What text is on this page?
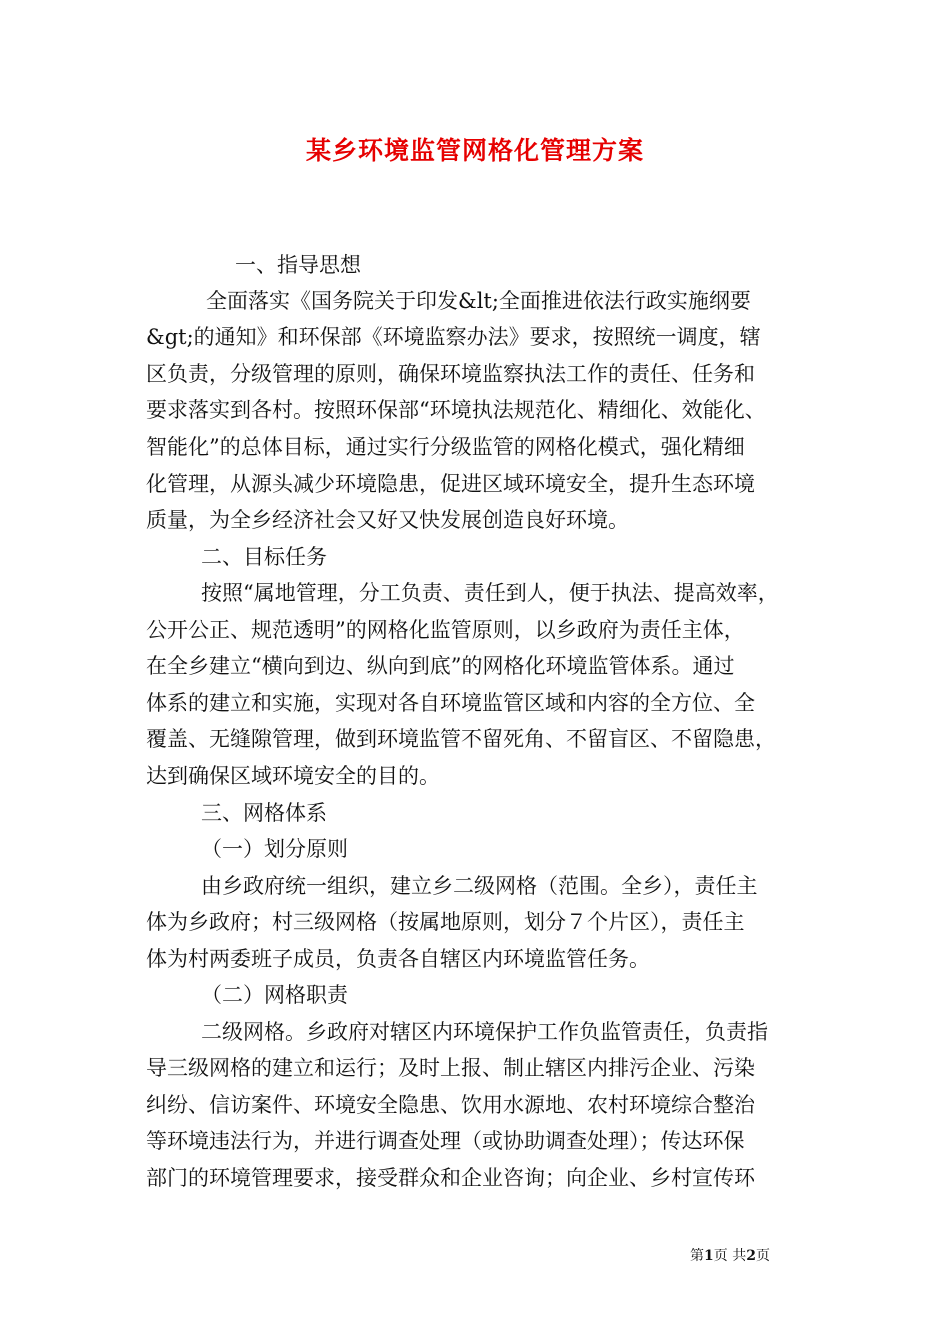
某乡环境监管网格化管理方案
一、指导思想
全面落实《国务院关于印发&lt;全面推进依法行政实施纲要
&gt;的通知》和环保部《环境监察办法》要求，按照统一调度，辖
区负责，分级管理的原则，确保环境监察执法工作的责任、任务和
要求落实到各村。按照环保部“环境执法规范化、精细化、效能化、
智能化”的总体目标，通过实行分级监管的网格化模式，强化精细
化管理，从源头减少环境隐患，促进区域环境安全，提升生态环境
质量，为全乡经济社会又好又快发展创造良好环境。
二、目标任务
按照“属地管理，分工负责、责任到人，便于执法、提高效率，
公开公正、规范透明”的网格化监管原则，以乡政府为责任主体，
在全乡建立“横向到边、纵向到底”的网格化环境监管体系。通过
体系的建立和实施，实现对各自环境监管区域和内容的全方位、全
覆盖、无缝隙管理，做到环境监管不留死角、不留盲区、不留隐患，
达到确保区域环境安全的目的。
三、网格体系
（一）划分原则
由乡政府统一组织，建立乡二级网格（范围。全乡），责任主
体为乡政府；村三级网格（按属地原则，划分７个片区），责任主
体为村两委班子成员，负责各自辖区内环境监管任务。
（二）网格职责
二级网格。乡政府对辖区内环境保护工作负监管责任，负责指
导三级网格的建立和运行；及时上报、制止辖区内排污企业、污染
纠纷、信访案件、环境安全隐患、饮用水源地、农村环境综合整治
等环境违法行为，并进行调查处理（或协助调查处理）；传达环保
部门的环境管理要求，接受群众和企业咨询；向企业、乡村宣传环
第1页 共2页
